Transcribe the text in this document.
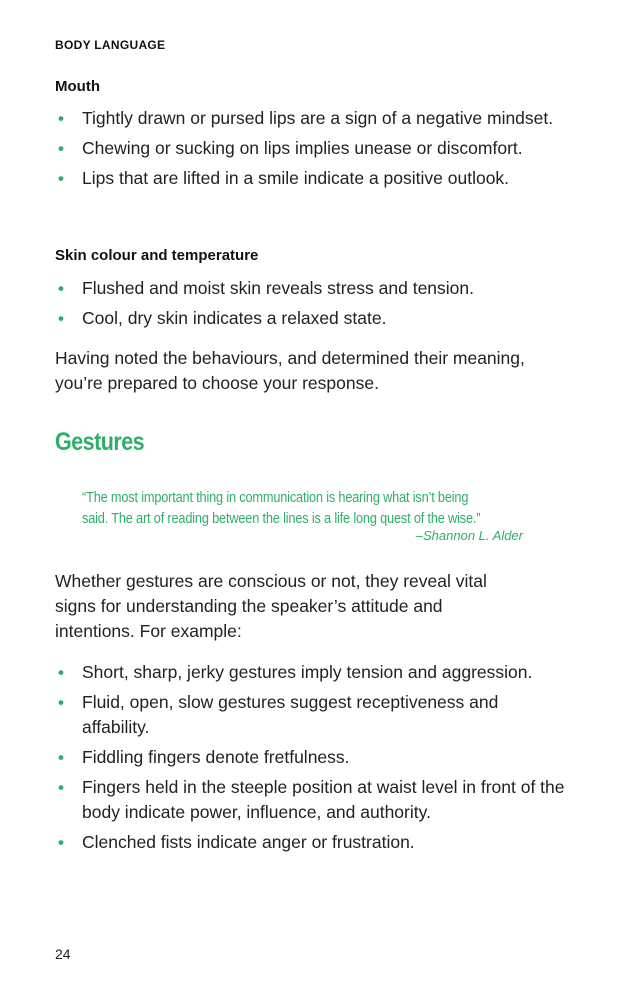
BODY LANGUAGE
Mouth
• Tightly drawn or pursed lips are a sign of a negative mindset.
• Chewing or sucking on lips implies unease or discomfort.
• Lips that are lifted in a smile indicate a positive outlook.
Skin colour and temperature
• Flushed and moist skin reveals stress and tension.
• Cool, dry skin indicates a relaxed state.

Having noted the behaviours, and determined their meaning, you’re prepared to choose your response.

Gestures
“The most important thing in communication is hearing what isn’t being
said. The art of reading between the lines is a life long quest of the wise.”
–Shannon L. Alder

Whether gestures are conscious or not, they reveal vital signs for understanding the speaker’s attitude and intentions. For example:

• Short, sharp, jerky gestures imply tension and aggression.
• Fluid, open, slow gestures suggest receptiveness and affability.
• Fiddling fingers denote fretfulness.
• Fingers held in the steeple position at waist level in front of the body indicate power, influence, and authority.
• Clenched fists indicate anger or frustration.
24
